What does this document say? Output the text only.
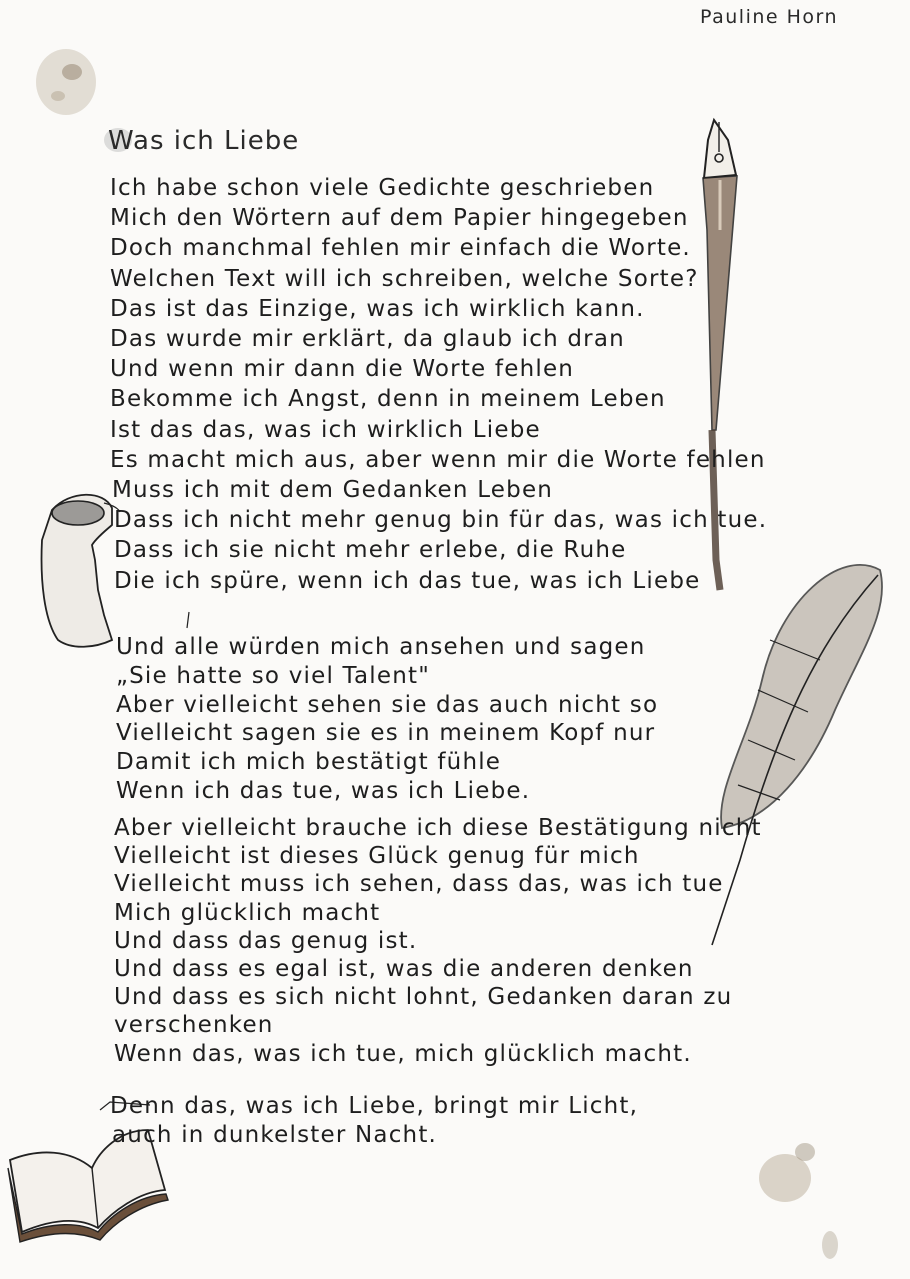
Pauline Horn
Was ich Liebe
Ich habe schon viele Gedichte geschrieben
Mich den Wörtern auf dem Papier hingegeben
Doch manchmal fehlen mir einfach die Worte.
Welchen Text will ich schreiben, welche Sorte?
Das ist das Einzige, was ich wirklich kann.
Das wurde mir erklärt, da glaub ich dran
Und wenn mir dann die Worte fehlen
Bekomme ich Angst, denn in meinem Leben
Ist das das, was ich wirklich Liebe
Es macht mich aus, aber wenn mir die Worte fehlen
Muss ich mit dem Gedanken Leben
Dass ich nicht mehr genug bin für das, was ich tue.
Dass ich sie nicht mehr erlebe, die Ruhe
Die ich spüre, wenn ich das tue, was ich Liebe
Und alle würden mich ansehen und sagen
„Sie hatte so viel Talent"
Aber vielleicht sehen sie das auch nicht so
Vielleicht sagen sie es in meinem Kopf nur
Damit ich mich bestätigt fühle
Wenn ich das tue, was ich Liebe.
Aber vielleicht brauche ich diese Bestätigung nicht
Vielleicht ist dieses Glück genug für mich
Vielleicht muss ich sehen, dass das, was ich tue
Mich glücklich macht
Und dass das genug ist.
Und dass es egal ist, was die anderen denken
Und dass es sich nicht lohnt, Gedanken daran zu
verschenken
Wenn das, was ich tue, mich glücklich macht.
Denn das, was ich Liebe, bringt mir Licht,
auch in dunkelster Nacht.
